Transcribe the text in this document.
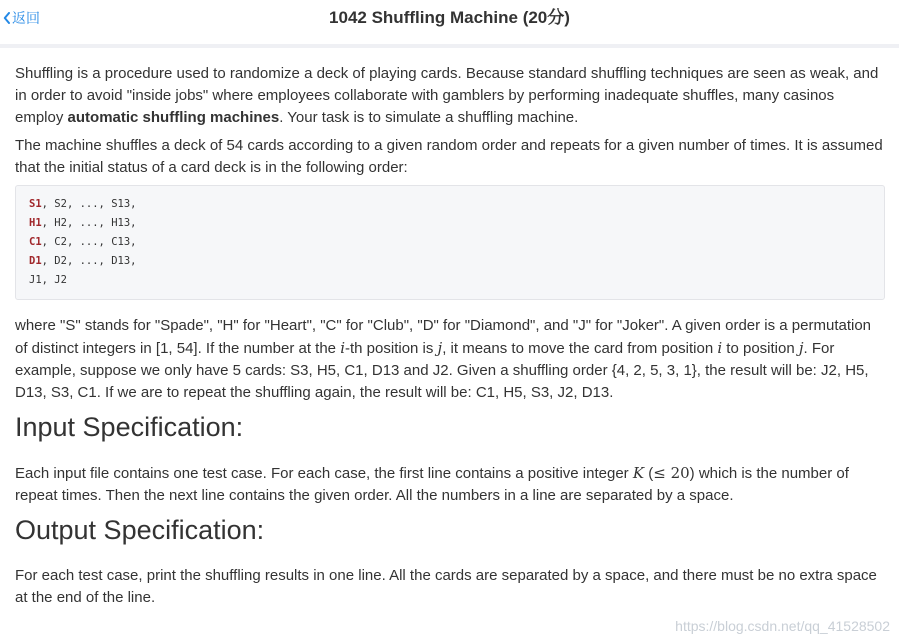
返回	1042 Shuffling Machine (20分)

Shuffling is a procedure used to randomize a deck of playing cards. Because standard shuffling techniques are seen as weak, and in order to avoid "inside jobs" where employees collaborate with gamblers by performing inadequate shuffles, many casinos employ automatic shuffling machines. Your task is to simulate a shuffling machine.

The machine shuffles a deck of 54 cards according to a given random order and repeats for a given number of times. It is assumed that the initial status of a card deck is in the following order:

S1, S2, ..., S13,
H1, H2, ..., H13,
C1, C2, ..., C13,
D1, D2, ..., D13,
J1, J2

where "S" stands for "Spade", "H" for "Heart", "C" for "Club", "D" for "Diamond", and "J" for "Joker". A given order is a permutation of distinct integers in [1, 54]. If the number at the i-th position is j, it means to move the card from position i to position j. For example, suppose we only have 5 cards: S3, H5, C1, D13 and J2. Given a shuffling order {4, 2, 5, 3, 1}, the result will be: J2, H5, D13, S3, C1. If we are to repeat the shuffling again, the result will be: C1, H5, S3, J2, D13.

Input Specification:

Each input file contains one test case. For each case, the first line contains a positive integer K (≤ 20) which is the number of repeat times. Then the next line contains the given order. All the numbers in a line are separated by a space.

Output Specification:

For each test case, print the shuffling results in one line. All the cards are separated by a space, and there must be no extra space at the end of the line.

https://blog.csdn.net/qq_41528502
